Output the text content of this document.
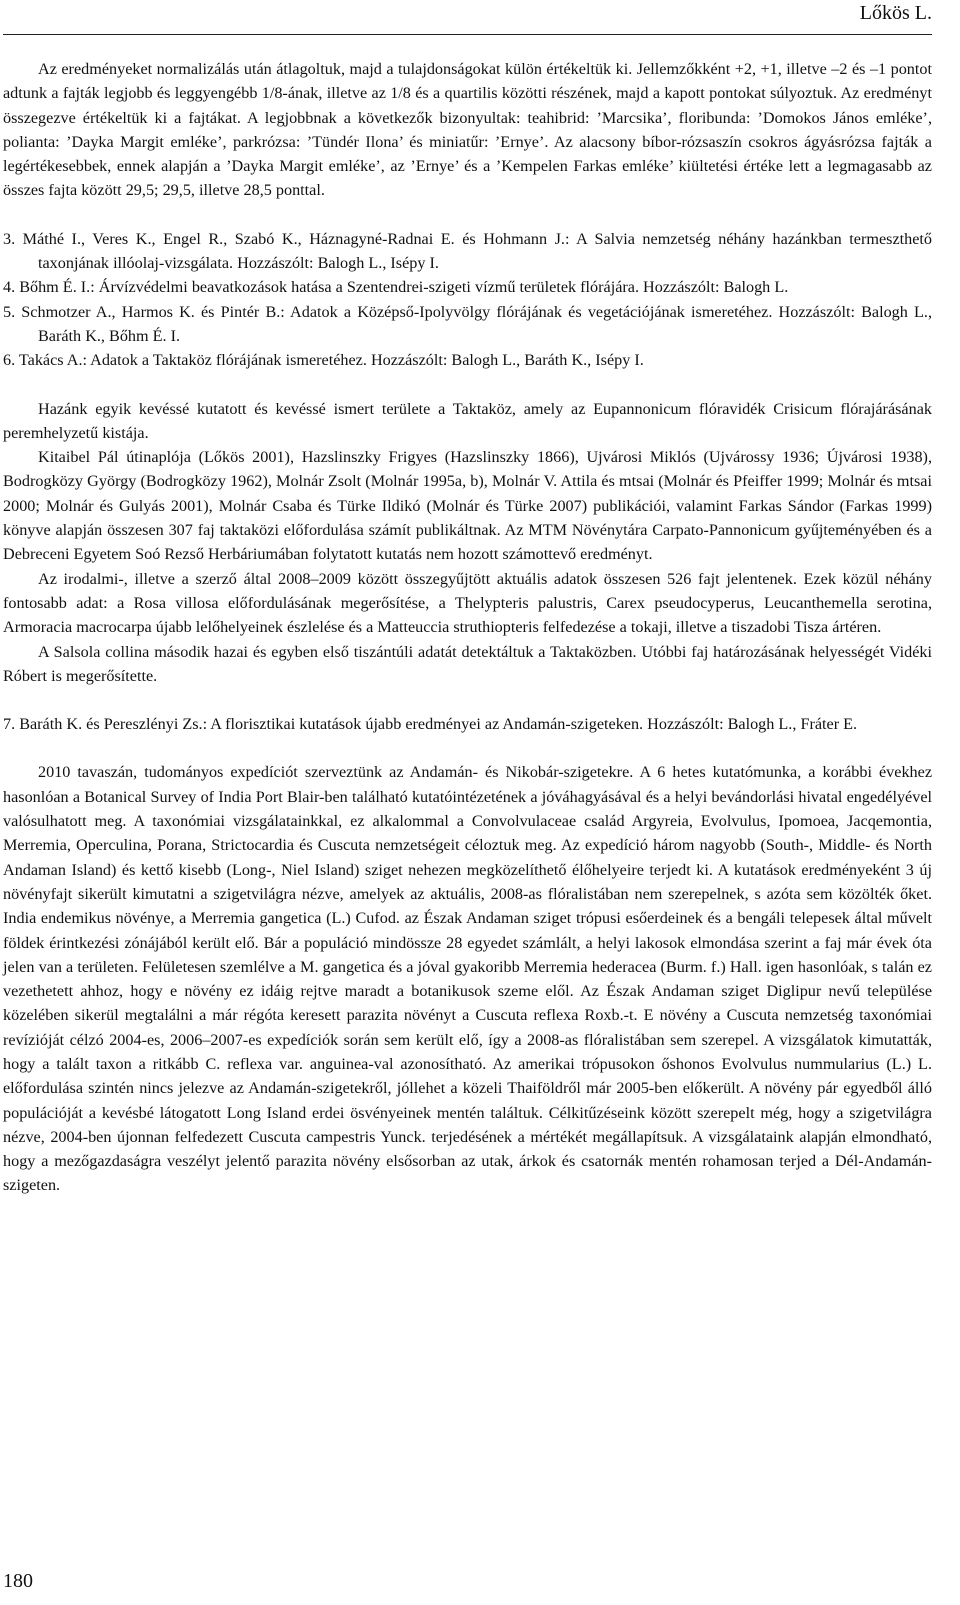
Lőkös L.

Az eredményeket normalizálás után átlagoltuk, majd a tulajdonságokat külön értékeltük ki. Jellemzőkként +2, +1, illetve –2 és –1 pontot adtunk a fajták legjobb és leggyengébb 1/8-ának, illetve az 1/8 és a quartilis közötti részének, majd a kapott pontokat súlyoztuk. Az eredményt összegezve értékeltük ki a fajtákat. A legjobbnak a következők bizonyultak: teahibrid: ’Marcsika’, floribunda: ’Domokos János emléke’, polianta: ’Dayka Margit emléke’, parkrózsa: ’Tündér Ilona’ és miniatűr: ’Ernye’. Az alacsony bíbor-rózsaszín csokros ágyásrózsa fajták a legértékesebbek, ennek alapján a ’Dayka Margit emléke’, az ’Ernye’ és a ’Kempelen Farkas emléke’ kiültetési értéke lett a legmagasabb az összes fajta között 29,5; 29,5, illetve 28,5 ponttal.

3. Máthé I., Veres K., Engel R., Szabó K., Háznagyné-Radnai E. és Hohmann J.: A Salvia nemzetség néhány hazánkban termeszthető taxonjának illóolaj-vizsgálata. Hozzászólt: Balogh L., Isépy I.

4. Bőhm É. I.: Árvízvédelmi beavatkozások hatása a Szentendrei-szigeti vízmű területek flórájára. Hozzászólt: Balogh L.

5. Schmotzer A., Harmos K. és Pintér B.: Adatok a Középső-Ipolyvölgy flórájának és vegetációjának ismeretéhez. Hozzászólt: Balogh L., Baráth K., Bőhm É. I.

6. Takács A.: Adatok a Taktaköz flórájának ismeretéhez. Hozzászólt: Balogh L., Baráth K., Isépy I.

Hazánk egyik kevéssé kutatott és kevéssé ismert területe a Taktaköz, amely az Eupannonicum flóravidék Crisicum flórajárásának peremhelyzetű kistája.

Kitaibel Pál útinaplója (Lőkös 2001), Hazslinszky Frigyes (Hazslinszky 1866), Ujvárosi Miklós (Ujvárossy 1936; Újvárosi 1938), Bodrogközy György (Bodrogközy 1962), Molnár Zsolt (Molnár 1995a, b), Molnár V. Attila és mtsai (Molnár és Pfeiffer 1999; Molnár és mtsai 2000; Molnár és Gulyás 2001), Molnár Csaba és Türke Ildikó (Molnár és Türke 2007) publikációi, valamint Farkas Sándor (Farkas 1999) könyve alapján összesen 307 faj taktaközi előfordulása számít publikáltnak. Az MTM Növénytára Carpato-Pannonicum gyűjteményében és a Debreceni Egyetem Soó Rezső Herbáriumában folytatott kutatás nem hozott számottevő eredményt.

Az irodalmi-, illetve a szerző által 2008–2009 között összegyűjtött aktuális adatok összesen 526 fajt jelentenek. Ezek közül néhány fontosabb adat: a Rosa villosa előfordulásának megerősítése, a Thelypteris palustris, Carex pseudocyperus, Leucanthemella serotina, Armoracia macrocarpa újabb lelőhelyeinek észlelése és a Matteuccia struthiopteris felfedezése a tokaji, illetve a tiszadobi Tisza ártéren.

A Salsola collina második hazai és egyben első tiszántúli adatát detektáltuk a Taktaközben. Utóbbi faj határozásának helyességét Vidéki Róbert is megerősítette.

7. Baráth K. és Pereszlényi Zs.: A florisztikai kutatások újabb eredményei az Andamán-szigeteken. Hozzászólt: Balogh L., Fráter E.

2010 tavaszán, tudományos expedíciót szerveztünk az Andamán- és Nikobár-szigetekre. A 6 hetes kutatómunka, a korábbi évekhez hasonlóan a Botanical Survey of India Port Blair-ben található kutatóintézetének a jóváhagyásával és a helyi bevándorlási hivatal engedélyével valósulhatott meg. A taxonómiai vizsgálatainkkal, ez alkalommal a Convolvulaceae család Argyreia, Evolvulus, Ipomoea, Jacqemontia, Merremia, Operculina, Porana, Strictocardia és Cuscuta nemzetségeit céloztuk meg. Az expedíció három nagyobb (South-, Middle- és North Andaman Island) és kettő kisebb (Long-, Niel Island) sziget nehezen megközelíthető élőhelyeire terjedt ki. A kutatások eredményeként 3 új növényfajt sikerült kimutatni a szigetvilágra nézve, amelyek az aktuális, 2008-as flóralistában nem szerepelnek, s azóta sem közölték őket. India endemikus növénye, a Merremia gangetica (L.) Cufod. az Észak Andaman sziget trópusi esőerdeinek és a bengáli telepesek által művelt földek érintkezési zónájából került elő. Bár a populáció mindössze 28 egyedet számlált, a helyi lakosok elmondása szerint a faj már évek óta jelen van a területen. Felületesen szemlélve a M. gangetica és a jóval gyakoribb Merremia hederacea (Burm. f.) Hall. igen hasonlóak, s talán ez vezethetett ahhoz, hogy e növény ez idáig rejtve maradt a botanikusok szeme elől. Az Észak Andaman sziget Diglipur nevű települése közelében sikerül megtalálni a már régóta keresett parazita növényt a Cuscuta reflexa Roxb.-t. E növény a Cuscuta nemzetség taxonómiai revízióját célzó 2004-es, 2006–2007-es expedíciók során sem került elő, így a 2008-as flóralistában sem szerepel. A vizsgálatok kimutatták, hogy a talált taxon a ritkább C. reflexa var. anguinea-val azonosítható. Az amerikai trópusokon őshonos Evolvulus nummularius (L.) L. előfordulása szintén nincs jelezve az Andamán-szigetekről, jóllehet a közeli Thaiföldről már 2005-ben előkerült. A növény pár egyedből álló populációját a kevésbé látogatott Long Island erdei ösvényeinek mentén találtuk. Célkitűzéseink között szerepelt még, hogy a szigetvilágra nézve, 2004-ben újonnan felfedezett Cuscuta campestris Yunck. terjedésének a mértékét megállapítsuk. A vizsgálataink alapján elmondható, hogy a mezőgazdaságra veszélyt jelentő parazita növény elsősorban az utak, árkok és csatornák mentén rohamosan terjed a Dél-Andamán-szigeten.

180
